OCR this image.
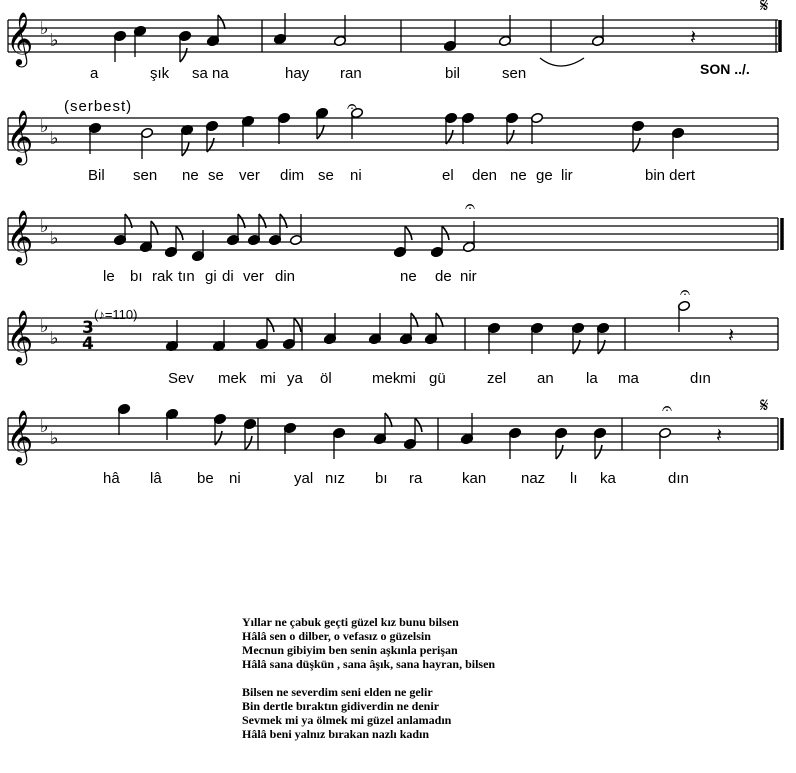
𝄞 ♭
♭
𝄞 ♭
♭
𝄞 ♭
♭
𝄞 ♭
♭
𝄞 ♭
♭
3
4
𝄽
𝄽
𝄽
𝄐
𝄐
𝄐
𝄐
a	şık sa na	hay ran	bil	sen
Bil sen ne se ver dim se ni	el den ne ge lir	bin dert
le bı rak tın gi di ver din	ne de nir
Sev mek mi ya öl	mek mi gü	zel an la ma	dın
hâ lâ be ni	yal nız bı ra	kan naz lı ka	dın
SON ../.
(serbest)
(♪=110)
𝄋
𝄋
Yıllar ne çabuk geçti güzel kız bunu bilsen
Hâlâ sen o dilber, o vefasız o güzelsin
Mecnun gibiyim ben senin aşkınla perişan
Hâlâ sana düşkün , sana âşık, sana hayran, bilsen
Bilsen ne severdim seni elden ne gelir
Bin dertle bıraktın gidiverdin ne denir
Sevmek mi ya ölmek mi güzel anlamadın
Hâlâ beni yalnız bırakan nazlı kadın
